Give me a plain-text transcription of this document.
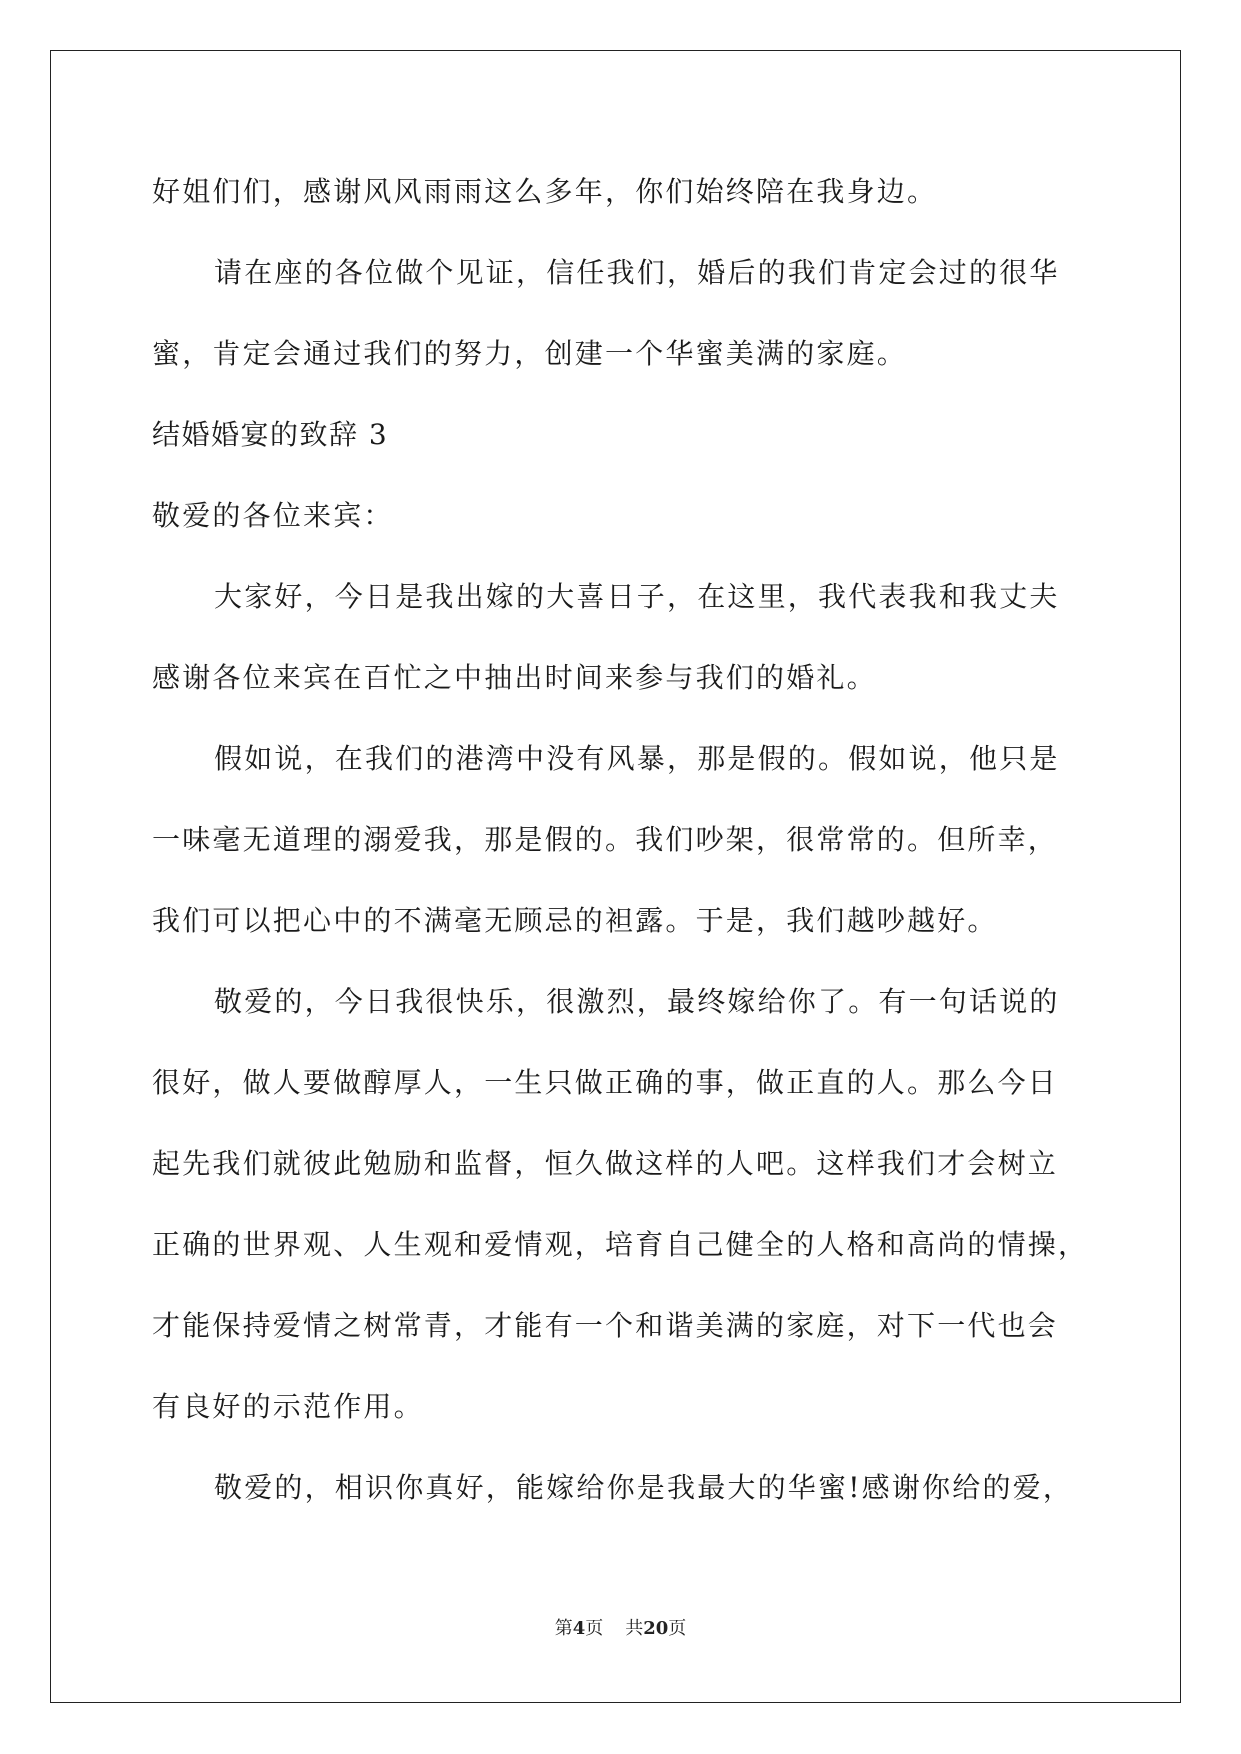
好姐们们，感谢风风雨雨这么多年，你们始终陪在我身边。

请在座的各位做个见证，信任我们，婚后的我们肯定会过的很华

蜜，肯定会通过我们的努力，创建一个华蜜美满的家庭。

结婚婚宴的致辞 3

敬爱的各位来宾：

大家好，今日是我出嫁的大喜日子，在这里，我代表我和我丈夫

感谢各位来宾在百忙之中抽出时间来参与我们的婚礼。

假如说，在我们的港湾中没有风暴，那是假的。假如说，他只是

一味毫无道理的溺爱我，那是假的。我们吵架，很常常的。但所幸，

我们可以把心中的不满毫无顾忌的袒露。于是，我们越吵越好。

敬爱的，今日我很快乐，很激烈，最终嫁给你了。有一句话说的

很好，做人要做醇厚人，一生只做正确的事，做正直的人。那么今日

起先我们就彼此勉励和监督，恒久做这样的人吧。这样我们才会树立

正确的世界观、人生观和爱情观，培育自己健全的人格和高尚的情操，

才能保持爱情之树常青，才能有一个和谐美满的家庭，对下一代也会

有良好的示范作用。

敬爱的，相识你真好，能嫁给你是我最大的华蜜!感谢你给的爱，

第4页 共20页
